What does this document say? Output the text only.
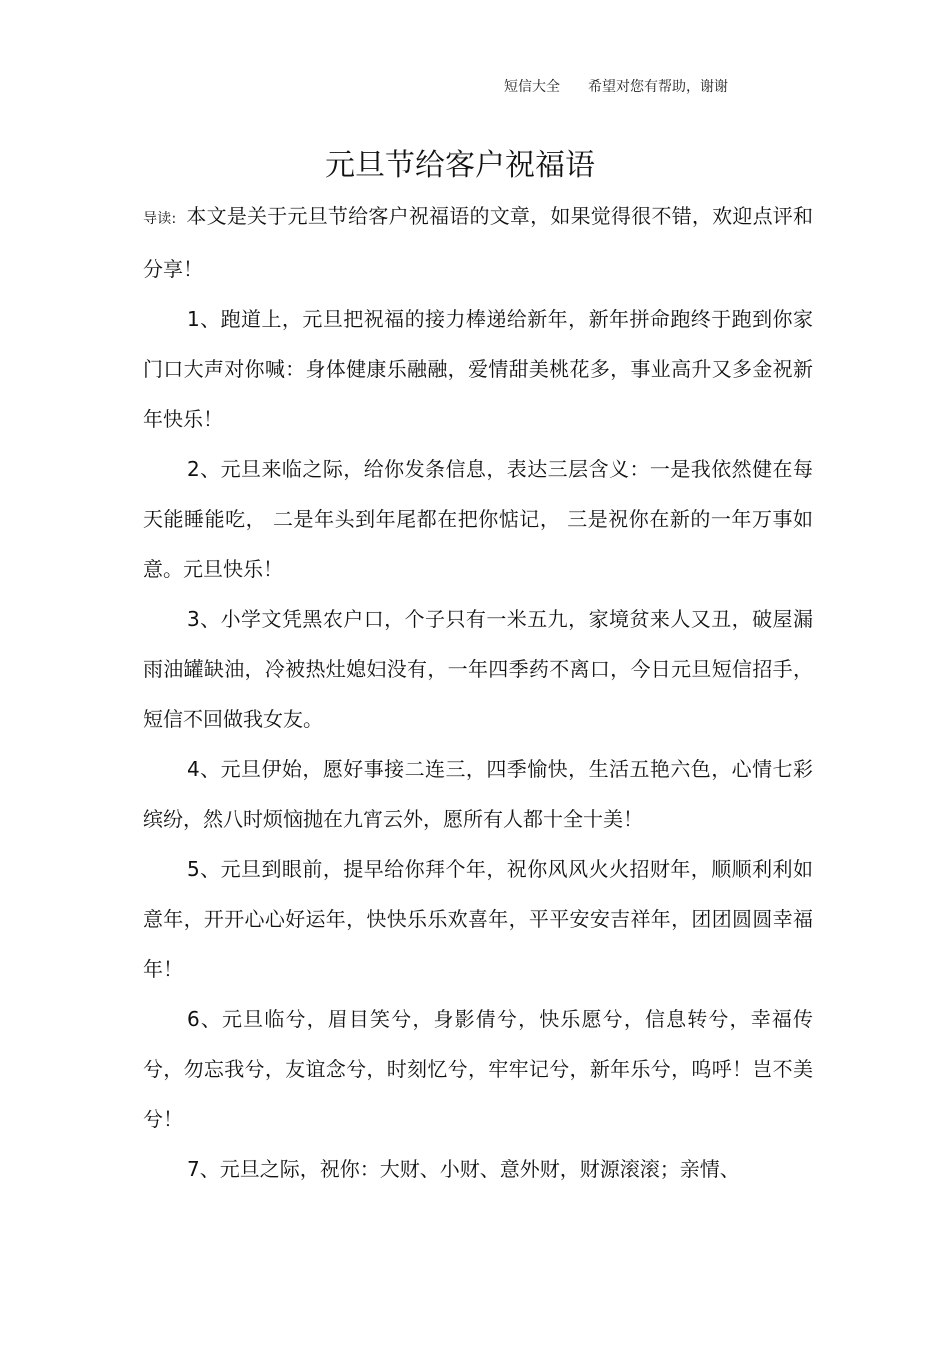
短信大全 希望对您有帮助，谢谢
元旦节给客户祝福语

导读: 本文是关于元旦节给客户祝福语的文章，如果觉得很不错，欢迎点评和分享！

1、跑道上，元旦把祝福的接力棒递给新年，新年拼命跑终于跑到你家门口大声对你喊：身体健康乐融融，爱情甜美桃花多，事业高升又多金祝新年快乐！

2、元旦来临之际，给你发条信息，表达三层含义：一是我依然健在每天能睡能吃， 二是年头到年尾都在把你惦记， 三是祝你在新的一年万事如意。元旦快乐！

3、小学文凭黑农户口，个子只有一米五九，家境贫来人又丑，破屋漏雨油罐缺油，冷被热灶媳妇没有，一年四季药不离口，今日元旦短信招手，短信不回做我女友。

4、元旦伊始，愿好事接二连三，四季愉快，生活五艳六色，心情七彩缤纷，然八时烦恼抛在九宵云外，愿所有人都十全十美！

5、元旦到眼前，提早给你拜个年，祝你风风火火招财年，顺顺利利如意年，开开心心好运年，快快乐乐欢喜年，平平安安吉祥年，团团圆圆幸福年！

6、元旦临兮，眉目笑兮，身影倩兮，快乐愿兮，信息转兮，幸福传兮，勿忘我兮，友谊念兮，时刻忆兮，牢牢记兮，新年乐兮，呜呼！岂不美兮！

7、元旦之际，祝你：大财、小财、意外财，财源滚滚；亲情、
